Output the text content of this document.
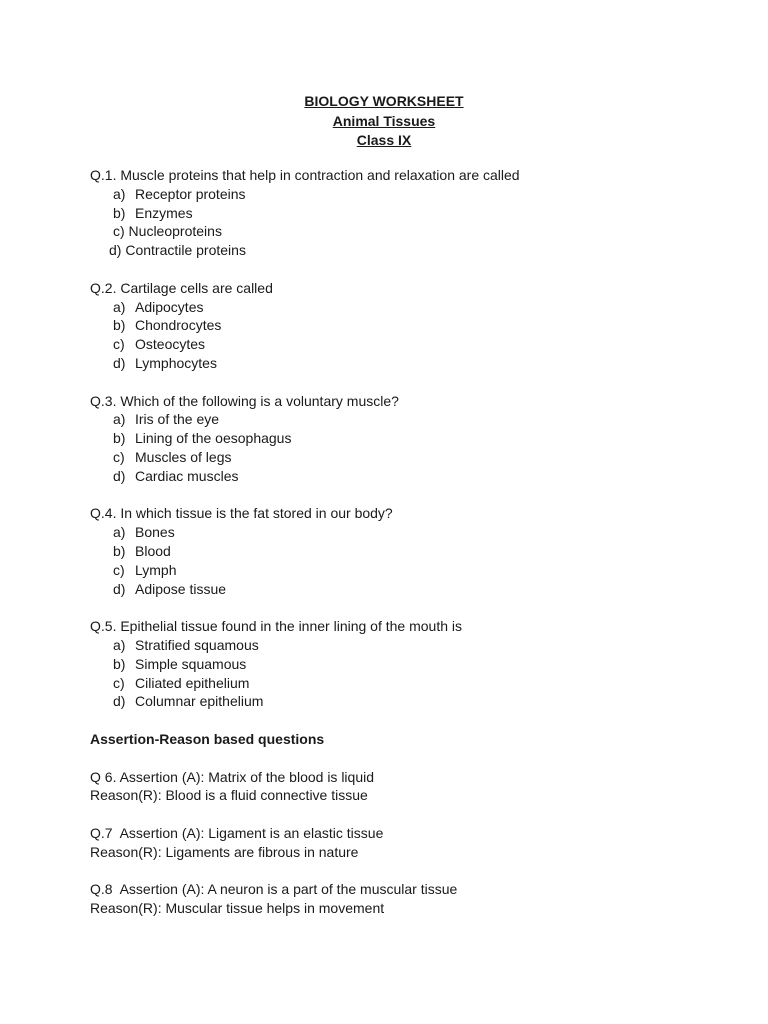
BIOLOGY WORKSHEET
Animal Tissues
Class IX
Q.1. Muscle proteins that help in contraction and relaxation are called
a) Receptor proteins
b) Enzymes
c) Nucleoproteins
d) Contractile proteins
Q.2. Cartilage cells are called
a) Adipocytes
b) Chondrocytes
c) Osteocytes
d) Lymphocytes
Q.3. Which of the following is a voluntary muscle?
a) Iris of the eye
b) Lining of the oesophagus
c) Muscles of legs
d) Cardiac muscles
Q.4. In which tissue is the fat stored in our body?
a) Bones
b) Blood
c) Lymph
d) Adipose tissue
Q.5. Epithelial tissue found in the inner lining of the mouth is
a) Stratified squamous
b) Simple squamous
c) Ciliated epithelium
d) Columnar epithelium
Assertion-Reason based questions
Q 6. Assertion (A): Matrix of the blood is liquid
Reason(R): Blood is a fluid connective tissue
Q.7  Assertion (A): Ligament is an elastic tissue
Reason(R): Ligaments are fibrous in nature
Q.8  Assertion (A): A neuron is a part of the muscular tissue
Reason(R): Muscular tissue helps in movement
